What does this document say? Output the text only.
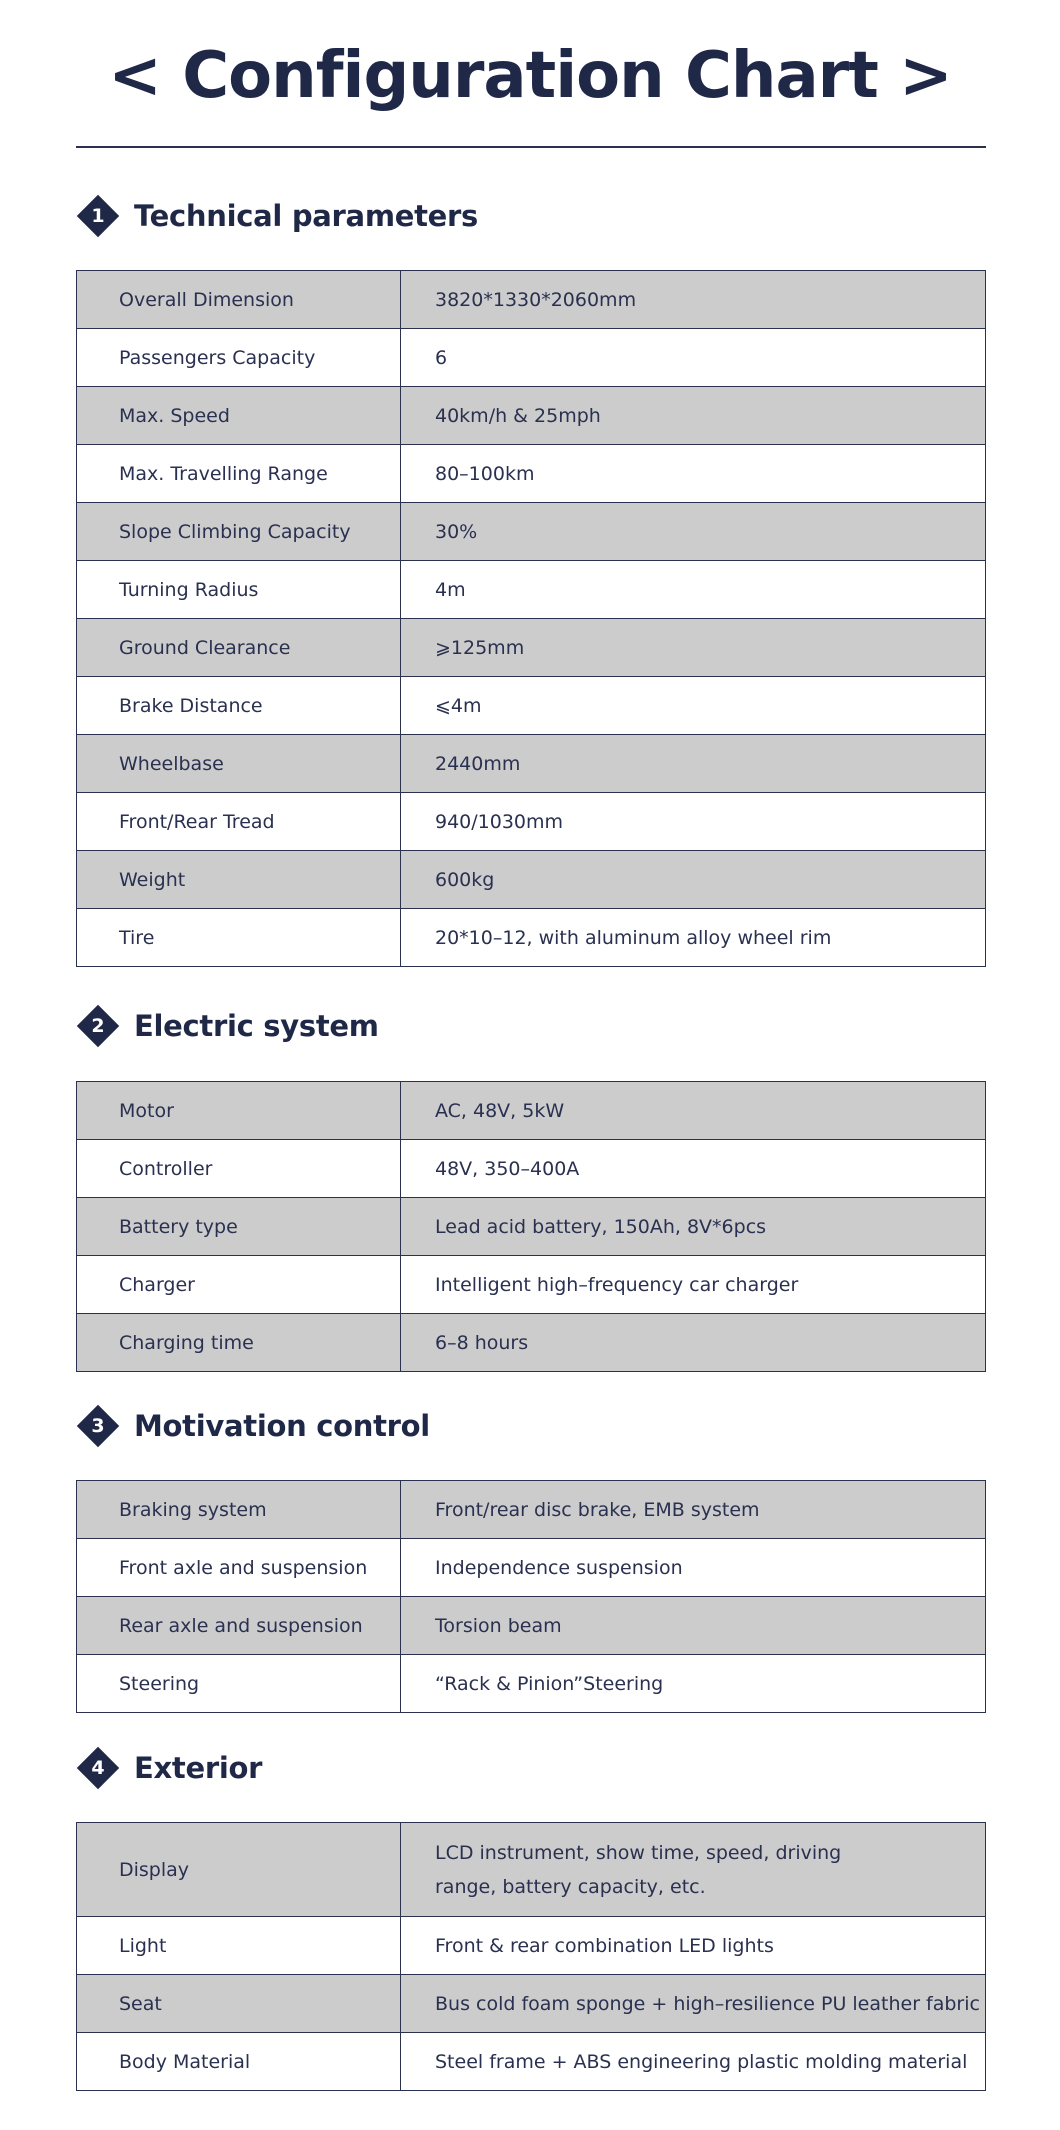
< Configuration Chart >
1	Technical parameters
Overall Dimension	3820*1330*2060mm
Passengers Capacity	6
Max. Speed	40km/h & 25mph
Max. Travelling Range	80–100km
Slope Climbing Capacity	30%
Turning Radius	4m
Ground Clearance	⩾125mm
Brake Distance	⩽4m
Wheelbase	2440mm
Front/Rear Tread	940/1030mm
Weight	600kg
Tire	20*10–12, with aluminum alloy wheel rim
2	Electric system
Motor	AC, 48V, 5kW
Controller	48V, 350–400A
Battery type	Lead acid battery, 150Ah, 8V*6pcs
Charger	Intelligent high–frequency car charger
Charging time	6–8 hours
3	Motivation control
Braking system	Front/rear disc brake, EMB system
Front axle and suspension	Independence suspension
Rear axle and suspension	Torsion beam
Steering	“Rack & Pinion”Steering
4	Exterior
Display	LCD instrument, show time, speed, driving range, battery capacity, etc.
Light	Front & rear combination LED lights
Seat	Bus cold foam sponge + high–resilience PU leather fabric
Body Material	Steel frame + ABS engineering plastic molding material
